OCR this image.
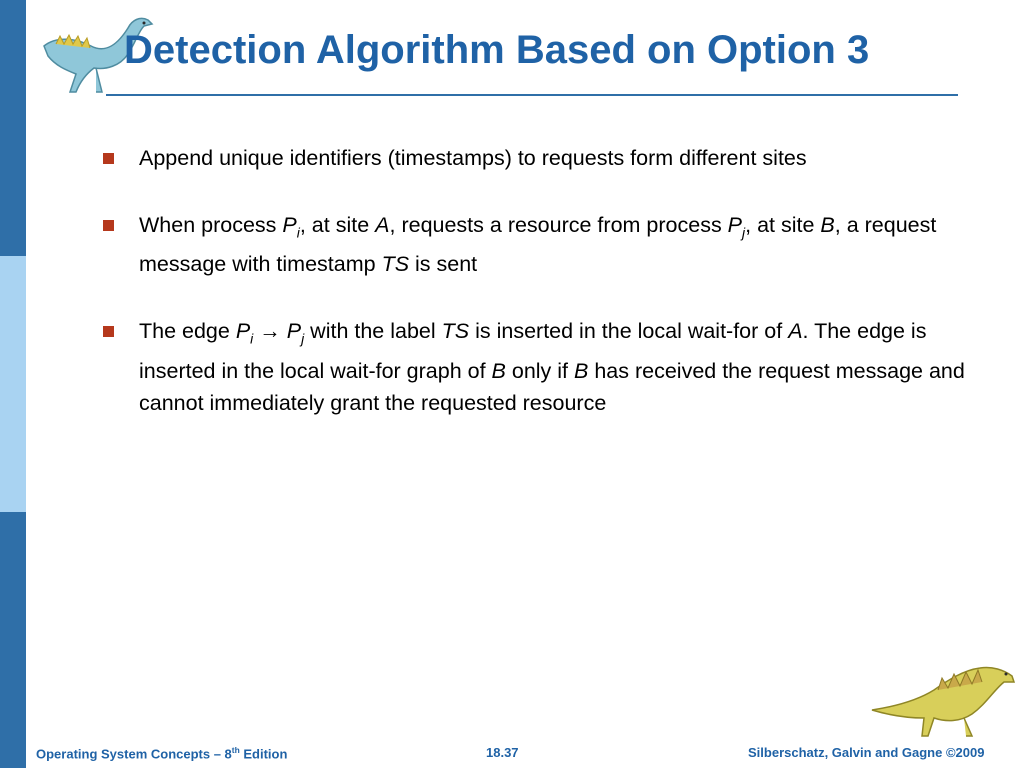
Detection Algorithm Based on Option 3
Append unique identifiers (timestamps) to requests form different sites
When process $P_i$, at site A, requests a resource from process $P_j$, at site B, a request message with timestamp TS is sent
The edge $P_i \to P_j$ with the label TS is inserted in the local wait-for of A. The edge is inserted in the local wait-for graph of B only if B has received the request message and cannot immediately grant the requested resource
Operating System Concepts – 8th Edition	18.37	Silberschatz, Galvin and Gagne ©2009
